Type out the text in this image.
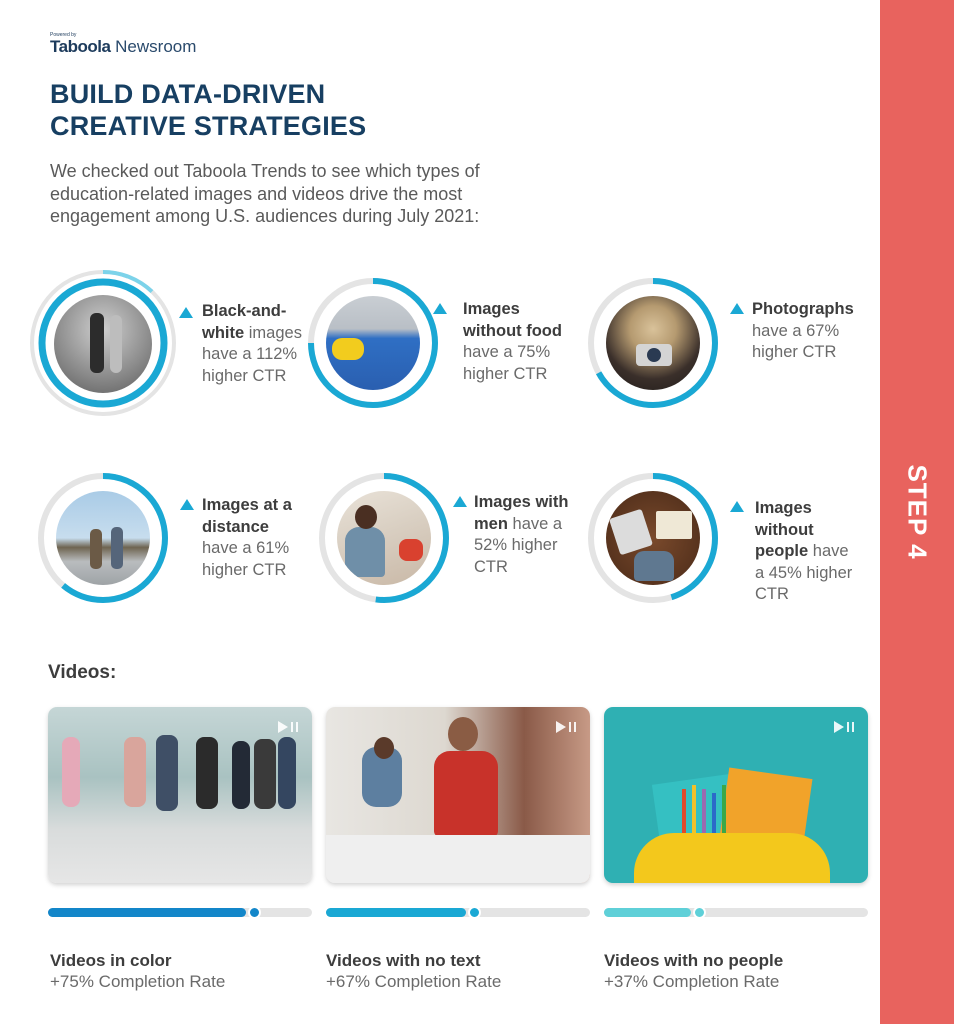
Powered by
Taboola Newsroom
BUILD DATA-DRIVEN
CREATIVE STRATEGIES

We checked out Taboola Trends to see which types of education-related images and videos drive the most engagement among U.S. audiences during July 2021:

Black-and-white images have a 112% higher CTR
Images without food have a 75% higher CTR
Photographs have a 67% higher CTR
Images at a distance have a 61% higher CTR
Images with men have a 52% higher CTR
Images without people have a 45% higher CTR
Videos:
Videos in color
+75% Completion Rate
Videos with no text
+67% Completion Rate
Videos with no people
+37% Completion Rate
STEP 4
